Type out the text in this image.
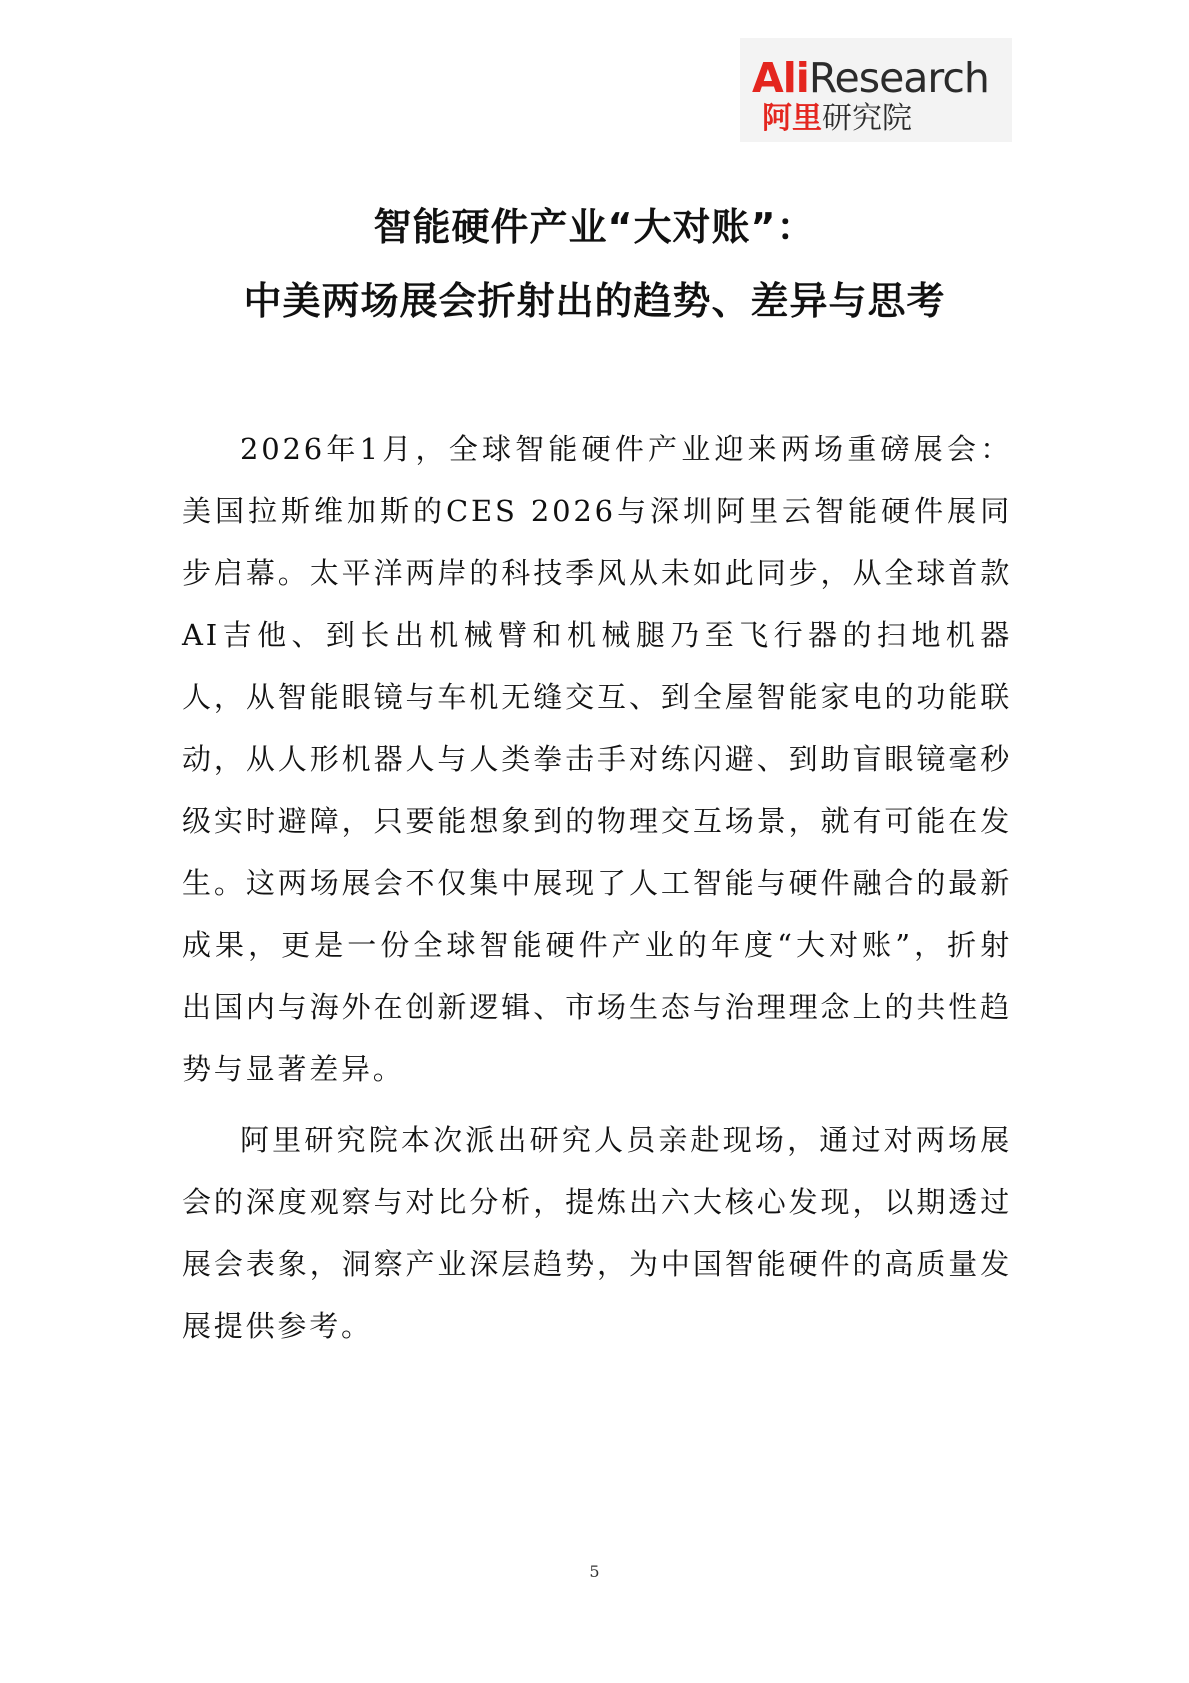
AliResearch
阿里研究院
智能硬件产业“大对账”：
中美两场展会折射出的趋势、差异与思考

2026年1月，全球智能硬件产业迎来两场重磅展会：美国拉斯维加斯的CES 2026与深圳阿里云智能硬件展同步启幕。太平洋两岸的科技季风从未如此同步，从全球首款AI吉他、到长出机械臂和机械腿乃至飞行器的扫地机器人，从智能眼镜与车机无缝交互、到全屋智能家电的功能联动，从人形机器人与人类拳击手对练闪避、到助盲眼镜毫秒级实时避障，只要能想象到的物理交互场景，就有可能在发生。这两场展会不仅集中展现了人工智能与硬件融合的最新成果，更是一份全球智能硬件产业的年度“大对账”，折射出国内与海外在创新逻辑、市场生态与治理理念上的共性趋势与显著差异。

阿里研究院本次派出研究人员亲赴现场，通过对两场展会的深度观察与对比分析，提炼出六大核心发现，以期透过展会表象，洞察产业深层趋势，为中国智能硬件的高质量发展提供参考。

5
